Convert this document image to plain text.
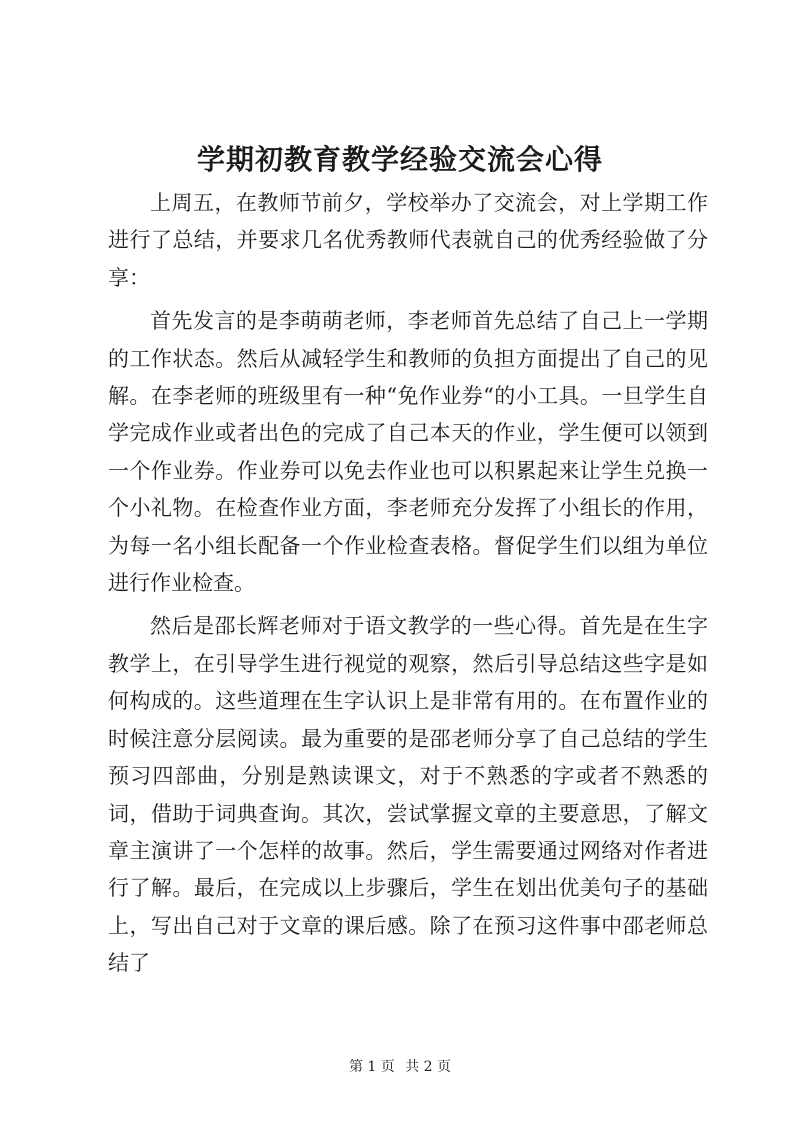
学期初教育教学经验交流会心得

上周五，在教师节前夕，学校举办了交流会，对上学期工作进行了总结，并要求几名优秀教师代表就自己的优秀经验做了分享：

首先发言的是李萌萌老师，李老师首先总结了自己上一学期的工作状态。然后从减轻学生和教师的负担方面提出了自己的见解。在李老师的班级里有一种“免作业券“的小工具。一旦学生自学完成作业或者出色的完成了自己本天的作业，学生便可以领到一个作业券。作业券可以免去作业也可以积累起来让学生兑换一个小礼物。在检查作业方面，李老师充分发挥了小组长的作用，为每一名小组长配备一个作业检查表格。督促学生们以组为单位进行作业检查。

然后是邵长辉老师对于语文教学的一些心得。首先是在生字教学上，在引导学生进行视觉的观察，然后引导总结这些字是如何构成的。这些道理在生字认识上是非常有用的。在布置作业的时候注意分层阅读。最为重要的是邵老师分享了自己总结的学生预习四部曲，分别是熟读课文，对于不熟悉的字或者不熟悉的词，借助于词典查询。其次，尝试掌握文章的主要意思，了解文章主演讲了一个怎样的故事。然后，学生需要通过网络对作者进行了解。最后，在完成以上步骤后，学生在划出优美句子的基础上，写出自己对于文章的课后感。除了在预习这件事中邵老师总结了

第 1 页 共 2 页
